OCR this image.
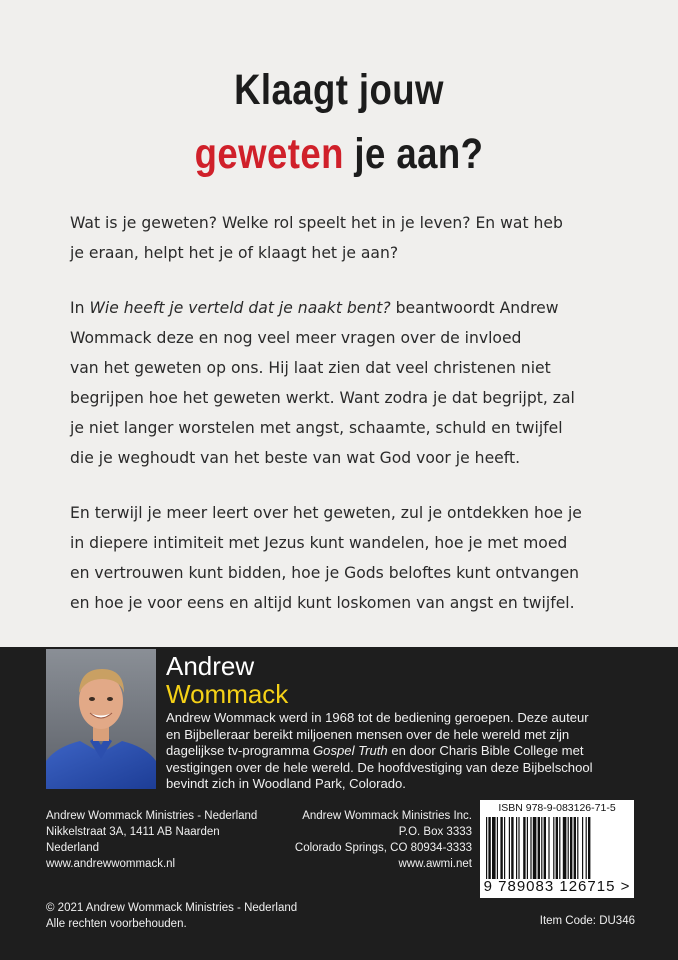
Klaagt jouw
geweten je aan?
Wat is je geweten? Welke rol speelt het in je leven? En wat heb
je eraan, helpt het je of klaagt het je aan?
In Wie heeft je verteld dat je naakt bent? beantwoordt Andrew
Wommack deze en nog veel meer vragen over de invloed
van het geweten op ons. Hij laat zien dat veel christenen niet
begrijpen hoe het geweten werkt. Want zodra je dat begrijpt, zal
je niet langer worstelen met angst, schaamte, schuld en twijfel
die je weghoudt van het beste van wat God voor je heeft.
En terwijl je meer leert over het geweten, zul je ontdekken hoe je
in diepere intimiteit met Jezus kunt wandelen, hoe je met moed
en vertrouwen kunt bidden, hoe je Gods beloftes kunt ontvangen
en hoe je voor eens en altijd kunt loskomen van angst en twijfel.
Andrew
Wommack
Andrew Wommack werd in 1968 tot de bediening geroepen. Deze auteur
en Bijbelleraar bereikt miljoenen mensen over de hele wereld met zijn
dagelijkse tv-programma Gospel Truth en door Charis Bible College met
vestigingen over de hele wereld. De hoofdvestiging van deze Bijbelschool
bevindt zich in Woodland Park, Colorado.
Andrew Wommack Ministries - Nederland
Nikkelstraat 3A, 1411 AB Naarden
Nederland
www.andrewwommack.nl
Andrew Wommack Ministries Inc.
P.O. Box 3333
Colorado Springs, CO 80934-3333
www.awmi.net
ISBN 978-9-083126-71-5
9 789083 126715 >
© 2021 Andrew Wommack Ministries - Nederland
Alle rechten voorbehouden.	Item Code: DU346
